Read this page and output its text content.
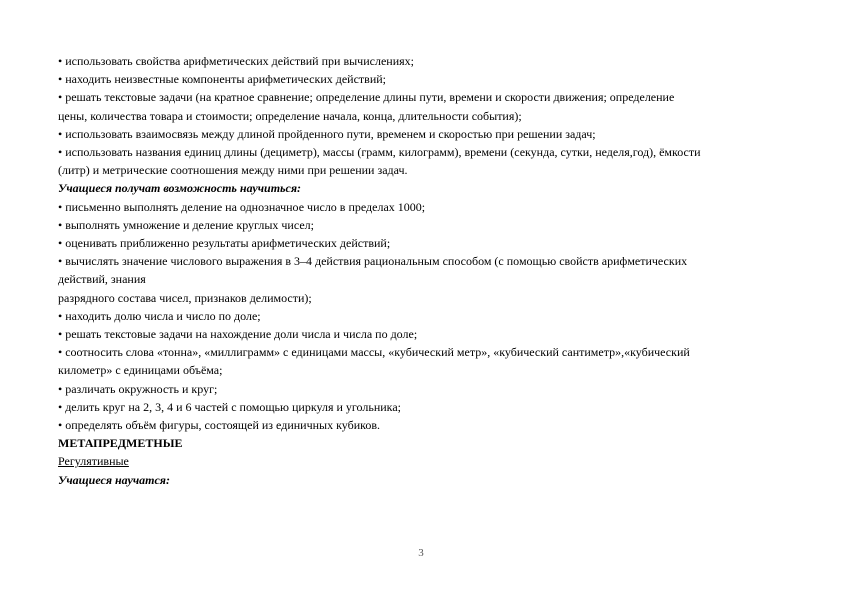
• использовать свойства арифметических действий при вычислениях;
• находить неизвестные компоненты арифметических действий;
• решать текстовые задачи (на кратное сравнение; определение длины пути, времени и скорости движения; определение
цены, количества товара и стоимости; определение начала, конца, длительности события);
• использовать взаимосвязь между длиной пройденного пути, временем и скоростью при решении задач;
• использовать названия единиц длины (дециметр), массы (грамм, килограмм), времени (секунда, сутки, неделя,год), ёмкости
(литр) и метрические соотношения между ними при решении задач.
Учащиеся получат возможность научиться:
• письменно выполнять деление на однозначное число в пределах 1000;
• выполнять умножение и деление круглых чисел;
• оценивать приближенно результаты арифметических действий;
• вычислять значение числового выражения в 3–4 действия рациональным способом (с помощью свойств арифметических
действий, знания
разрядного состава чисел, признаков делимости);
• находить долю числа и число по доле;
• решать текстовые задачи на нахождение доли числа и числа по доле;
• соотносить слова «тонна», «миллиграмм» с единицами массы, «кубический метр», «кубический сантиметр»,«кубический
километр» с единицами объёма;
• различать окружность и круг;
• делить круг на 2, 3, 4 и 6 частей с помощью циркуля и угольника;
• определять объём фигуры, состоящей из единичных кубиков.
МЕТАПРЕДМЕТНЫЕ
Регулятивные
Учащиеся научатся:
3
